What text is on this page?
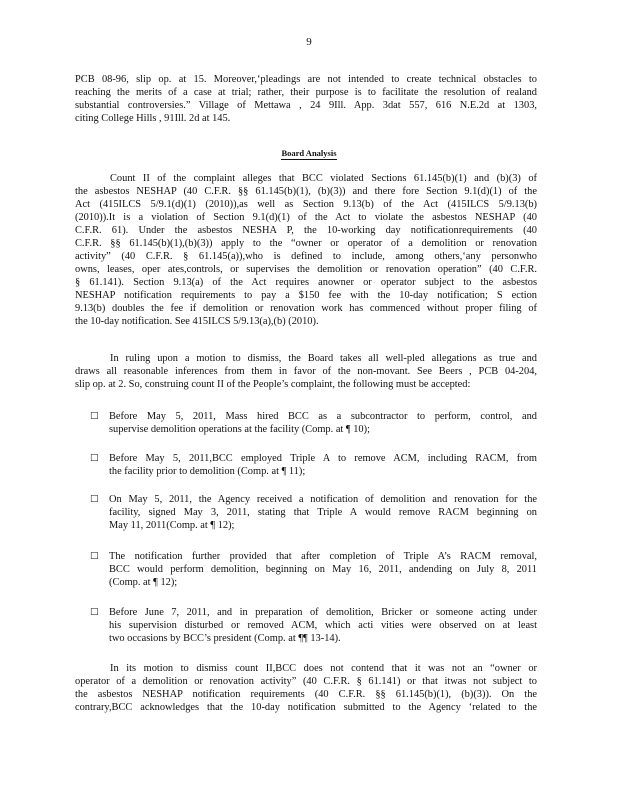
9
PCB 08-96, slip op. at 15. Moreover,‘pleadings are not intended to create technical obstacles to
reaching the merits of a case at trial; rather, their purpose is to facilitate the resolution of realand
substantial controversies.” Village of Mettawa , 24 9Ill. App. 3dat 557, 616 N.E.2d at 1303,
citing College Hills , 91Ill. 2d at 145.
Board Analysis
Count II of the complaint alleges that BCC violated Sections 61.145(b)(1) and (b)(3) of
the asbestos NESHAP (40 C.F.R. §§ 61.145(b)(1), (b)(3)) and there fore Section 9.1(d)(1) of the
Act (415ILCS 5/9.1(d)(1) (2010)),as well as Section 9.13(b) of the Act (415ILCS 5/9.13(b)
(2010)).It is a violation of Section 9.1(d)(1) of the Act to violate the asbestos NESHAP (40
C.F.R. 61). Under the asbestos NESHA P, the 10-working day notificationrequirements (40
C.F.R. §§ 61.145(b)(1),(b)(3)) apply to the “owner or operator of a demolition or renovation
activity” (40 C.F.R. § 61.145(a)),who is defined to include, among others,‘any personwho
owns, leases, oper ates,controls, or supervises the demolition or renovation operation” (40 C.F.R.
§ 61.141). Section 9.13(a) of the Act requires anowner or operator subject to the asbestos
NESHAP notification requirements to pay a $150 fee with the 10-day notification; S ection
9.13(b) doubles the fee if demolition or renovation work has commenced without proper filing of
the 10-day notification. See 415ILCS 5/9.13(a),(b) (2010).
In ruling upon a motion to dismiss, the Board takes all well-pled allegations as true and
draws all reasonable inferences from them in favor of the non-movant. See Beers , PCB 04-204,
slip op. at 2. So, construing count II of the People’s complaint, the following must be accepted:
□ Before May 5, 2011, Mass hired BCC as a subcontractor to perform, control, and
supervise demolition operations at the facility (Comp. at ¶ 10);
□ Before May 5, 2011,BCC employed Triple A to remove ACM, including RACM, from
the facility prior to demolition (Comp. at ¶ 11);
□ On May 5, 2011, the Agency received a notification of demolition and renovation for the
facility, signed May 3, 2011, stating that Triple A would remove RACM beginning on
May 11, 2011(Comp. at ¶ 12);
□ The notification further provided that after completion of Triple A’s RACM removal,
BCC would perform demolition, beginning on May 16, 2011, andending on July 8, 2011
(Comp. at ¶ 12);
□ Before June 7, 2011, and in preparation of demolition, Bricker or someone acting under
his supervision disturbed or removed ACM, which acti vities were observed on at least
two occasions by BCC’s president (Comp. at ¶¶ 13-14).
In its motion to dismiss count II,BCC does not contend that it was not an “owner or
operator of a demolition or renovation activity” (40 C.F.R. § 61.141) or that itwas not subject to
the asbestos NESHAP notification requirements (40 C.F.R. §§ 61.145(b)(1), (b)(3)). On the
contrary,BCC acknowledges that the 10-day notification submitted to the Agency ‘related to the
